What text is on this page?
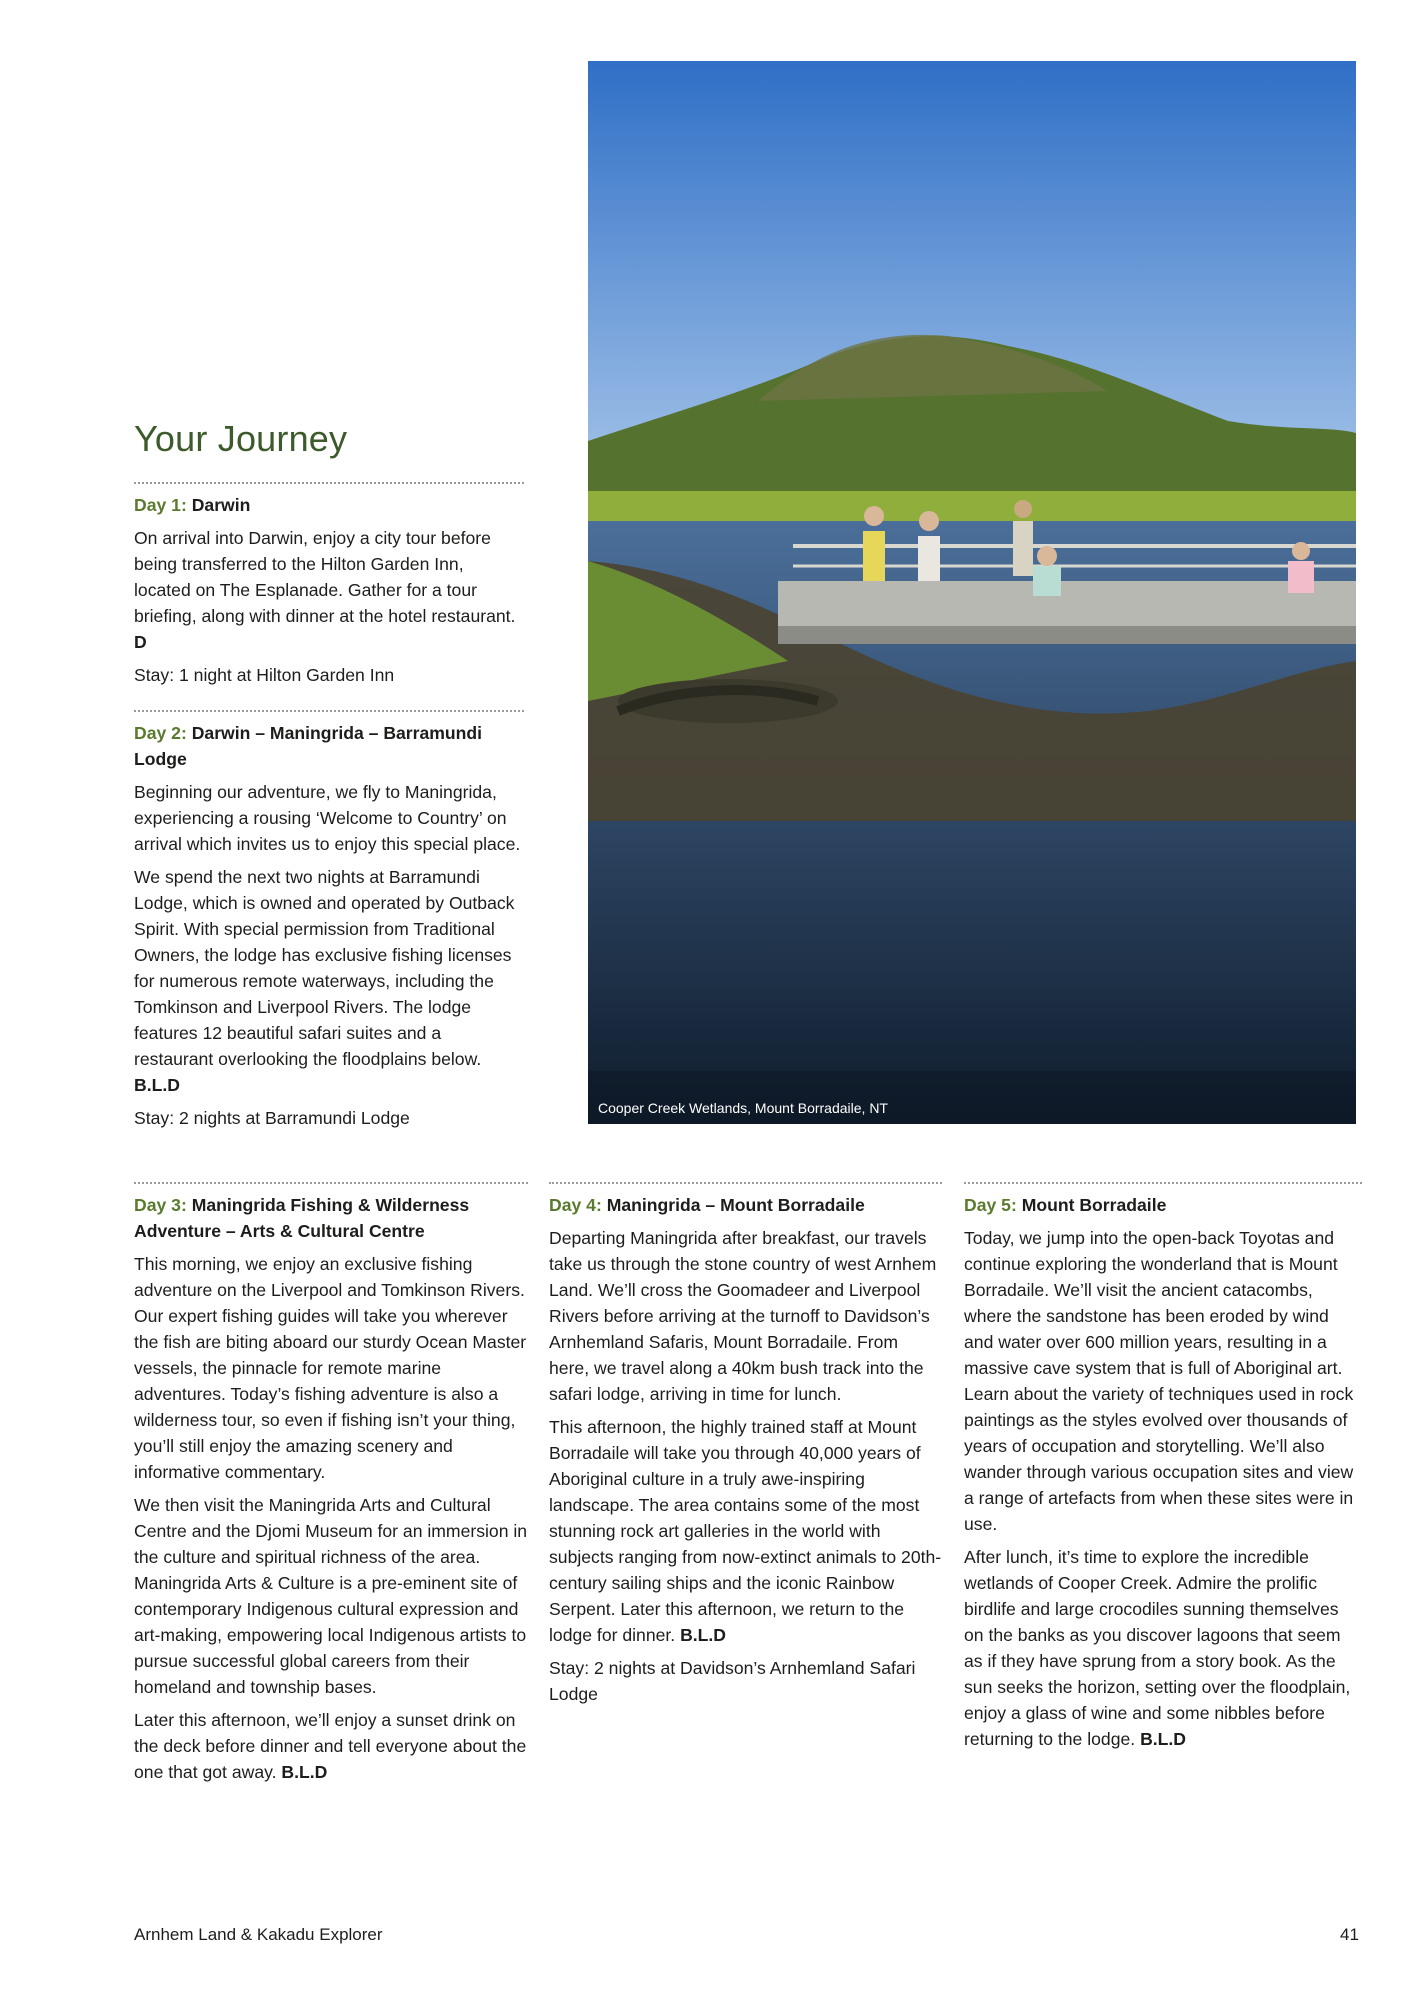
Your Journey

Day 1: Darwin

On arrival into Darwin, enjoy a city tour before being transferred to the Hilton Garden Inn, located on The Esplanade. Gather for a tour briefing, along with dinner at the hotel restaurant. D

Stay: 1 night at Hilton Garden Inn

Day 2: Darwin – Maningrida – Barramundi Lodge

Beginning our adventure, we fly to Maningrida, experiencing a rousing ‘Welcome to Country’ on arrival which invites us to enjoy this special place.

We spend the next two nights at Barramundi Lodge, which is owned and operated by Outback Spirit. With special permission from Traditional Owners, the lodge has exclusive fishing licenses for numerous remote waterways, including the Tomkinson and Liverpool Rivers. The lodge features 12 beautiful safari suites and a restaurant overlooking the floodplains below. B.L.D

Stay: 2 nights at Barramundi Lodge	Cooper Creek Wetlands, Mount Borradaile, NT

Day 3: Maningrida Fishing & Wilderness Adventure – Arts & Cultural Centre

This morning, we enjoy an exclusive fishing adventure on the Liverpool and Tomkinson Rivers. Our expert fishing guides will take you wherever the fish are biting aboard our sturdy Ocean Master vessels, the pinnacle for remote marine adventures. Today’s fishing adventure is also a wilderness tour, so even if fishing isn’t your thing, you’ll still enjoy the amazing scenery and informative commentary.

We then visit the Maningrida Arts and Cultural Centre and the Djomi Museum for an immersion in the culture and spiritual richness of the area. Maningrida Arts & Culture is a pre-eminent site of contemporary Indigenous cultural expression and art-making, empowering local Indigenous artists to pursue successful global careers from their homeland and township bases.

Later this afternoon, we’ll enjoy a sunset drink on the deck before dinner and tell everyone about the one that got away. B.L.D

Day 4: Maningrida – Mount Borradaile

Departing Maningrida after breakfast, our travels take us through the stone country of west Arnhem Land. We’ll cross the Goomadeer and Liverpool Rivers before arriving at the turnoff to Davidson’s Arnhemland Safaris, Mount Borradaile. From here, we travel along a 40km bush track into the safari lodge, arriving in time for lunch.

This afternoon, the highly trained staff at Mount Borradaile will take you through 40,000 years of Aboriginal culture in a truly awe-inspiring landscape. The area contains some of the most stunning rock art galleries in the world with subjects ranging from now-extinct animals to 20th-century sailing ships and the iconic Rainbow Serpent. Later this afternoon, we return to the lodge for dinner. B.L.D

Stay: 2 nights at Davidson’s Arnhemland Safari Lodge

Day 5: Mount Borradaile

Today, we jump into the open-back Toyotas and continue exploring the wonderland that is Mount Borradaile. We’ll visit the ancient catacombs, where the sandstone has been eroded by wind and water over 600 million years, resulting in a massive cave system that is full of Aboriginal art. Learn about the variety of techniques used in rock paintings as the styles evolved over thousands of years of occupation and storytelling. We’ll also wander through various occupation sites and view a range of artefacts from when these sites were in use.

After lunch, it’s time to explore the incredible wetlands of Cooper Creek. Admire the prolific birdlife and large crocodiles sunning themselves on the banks as you discover lagoons that seem as if they have sprung from a story book. As the sun seeks the horizon, setting over the floodplain, enjoy a glass of wine and some nibbles before returning to the lodge. B.L.D

Arnhem Land & Kakadu Explorer	41
